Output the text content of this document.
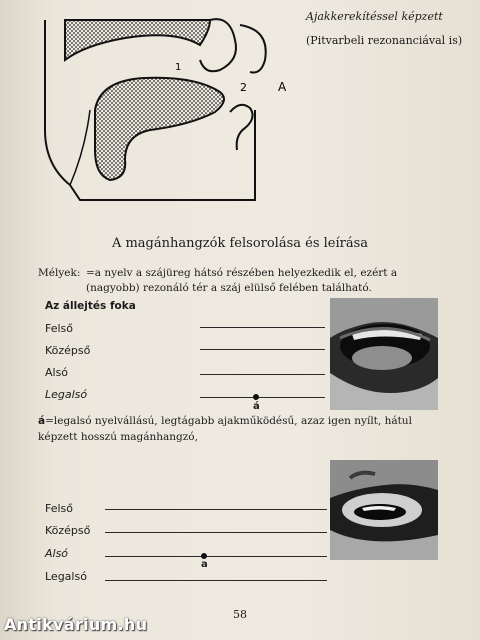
1
2	A
Ajakkerekítéssel képzett
(Pitvarbeli rezonanciával is)
A magánhangzók felsorolása és leírása
Mélyek: =a nyelv a szájüreg hátsó részében helyezkedik el, ezért a (nagyobb) rezonáló tér a száj elülső felében található.
Az állejtés foka
Felső
Középső
Alsó
Legalsó
á
á=legalsó nyelvállású, legtágabb ajakműködésű, azaz igen nyílt, hátul képzett hosszú magánhangzó,
Felső
Középső
Alsó
Legalsó
a
58
Antikvárium.hu
